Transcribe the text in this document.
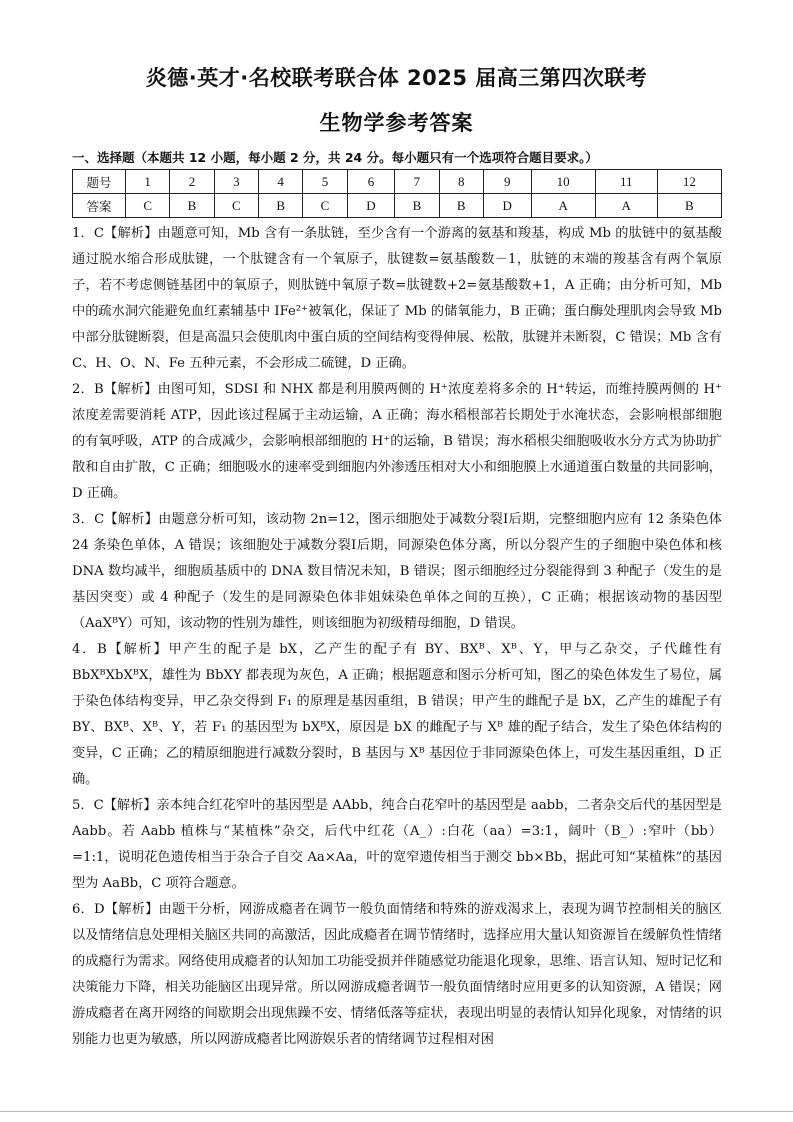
炎德·英才·名校联考联合体 2025 届高三第四次联考
生物学参考答案
一、选择题（本题共 12 小题，每小题 2 分，共 24 分。每小题只有一个选项符合题目要求。）
题号	1	2	3	4	5	6	7	8	9	10	11	12
答案	C	B	C	B	C	D	B	B	D	A	A	B

1．C【解析】由题意可知，Mb 含有一条肽链，至少含有一个游离的氨基和羧基，构成 Mb 的肽链中的氨基酸通过脱水缩合形成肽键，一个肽键含有一个氧原子，肽键数=氨基酸数－1，肽链的末端的羧基含有两个氧原子，若不考虑侧链基团中的氧原子，则肽链中氧原子数=肽键数+2=氨基酸数+1，A 正确；由分析可知，Mb 中的疏水洞穴能避免血红素辅基中 IFe²⁺被氧化，保证了 Mb 的储氧能力，B 正确；蛋白酶处理肌肉会导致 Mb 中部分肽键断裂，但是高温只会使肌肉中蛋白质的空间结构变得伸展、松散，肽键并未断裂，C 错误；Mb 含有 C、H、O、N、Fe 五种元素，不会形成二硫键，D 正确。

2．B【解析】由图可知，SDSI 和 NHX 都是利用膜两侧的 H⁺浓度差将多余的 H⁺转运，而维持膜两侧的 H⁺浓度差需要消耗 ATP，因此该过程属于主动运输，A 正确；海水稻根部若长期处于水淹状态，会影响根部细胞的有氧呼吸，ATP 的合成减少，会影响根部细胞的 H⁺的运输，B 错误；海水稻根尖细胞吸收水分方式为协助扩散和自由扩散，C 正确；细胞吸水的速率受到细胞内外渗透压相对大小和细胞膜上水通道蛋白数量的共同影响，D 正确。

3．C【解析】由题意分析可知，该动物 2n=12，图示细胞处于减数分裂Ⅰ后期，完整细胞内应有 12 条染色体 24 条染色单体，A 错误；该细胞处于减数分裂Ⅰ后期，同源染色体分离，所以分裂产生的子细胞中染色体和核 DNA 数均减半，细胞质基质中的 DNA 数目情况未知，B 错误；图示细胞经过分裂能得到 3 种配子（发生的是基因突变）或 4 种配子（发生的是同源染色体非姐妹染色单体之间的互换），C 正确；根据该动物的基因型（AaXᴮY）可知，该动物的性别为雄性，则该细胞为初级精母细胞，D 错误。

4．B【解析】甲产生的配子是 bX，乙产生的配子有 BY、BXᴮ、Xᴮ、Y，甲与乙杂交，子代雌性有 BbXᴮXbXᴮX，雄性为 BbXY 都表现为灰色，A 正确；根据题意和图示分析可知，图乙的染色体发生了易位，属于染色体结构变异，甲乙杂交得到 F₁ 的原理是基因重组，B 错误；甲产生的雌配子是 bX，乙产生的雄配子有 BY、BXᴮ、Xᴮ、Y，若 F₁ 的基因型为 bXᴮX，原因是 bX 的雌配子与 Xᴮ 雄的配子结合，发生了染色体结构的变异，C 正确；乙的精原细胞进行减数分裂时，B 基因与 Xᴮ 基因位于非同源染色体上，可发生基因重组，D 正确。

5．C【解析】亲本纯合红花窄叶的基因型是 AAbb，纯合白花窄叶的基因型是 aabb，二者杂交后代的基因型是 Aabb。若 Aabb 植株与“某植株”杂交，后代中红花（A_）:白花（aa）=3:1，阔叶（B_）:窄叶（bb）=1:1，说明花色遗传相当于杂合子自交 Aa×Aa，叶的宽窄遗传相当于测交 bb×Bb，据此可知“某植株”的基因型为 AaBb，C 项符合题意。

6．D【解析】由题干分析，网游成瘾者在调节一般负面情绪和特殊的游戏渴求上，表现为调节控制相关的脑区以及情绪信息处理相关脑区共同的高激活，因此成瘾者在调节情绪时，选择应用大量认知资源旨在缓解负性情绪的成瘾行为需求。网络使用成瘾者的认知加工功能受损并伴随感觉功能退化现象，思维、语言认知、短时记忆和决策能力下降，相关功能脑区出现异常。所以网游成瘾者调节一般负面情绪时应用更多的认知资源，A 错误；网游成瘾者在离开网络的间歇期会出现焦躁不安、情绪低落等症状，表现出明显的表情认知异化现象，对情绪的识别能力也更为敏感，所以网游成瘾者比网游娱乐者的情绪调节过程相对困
